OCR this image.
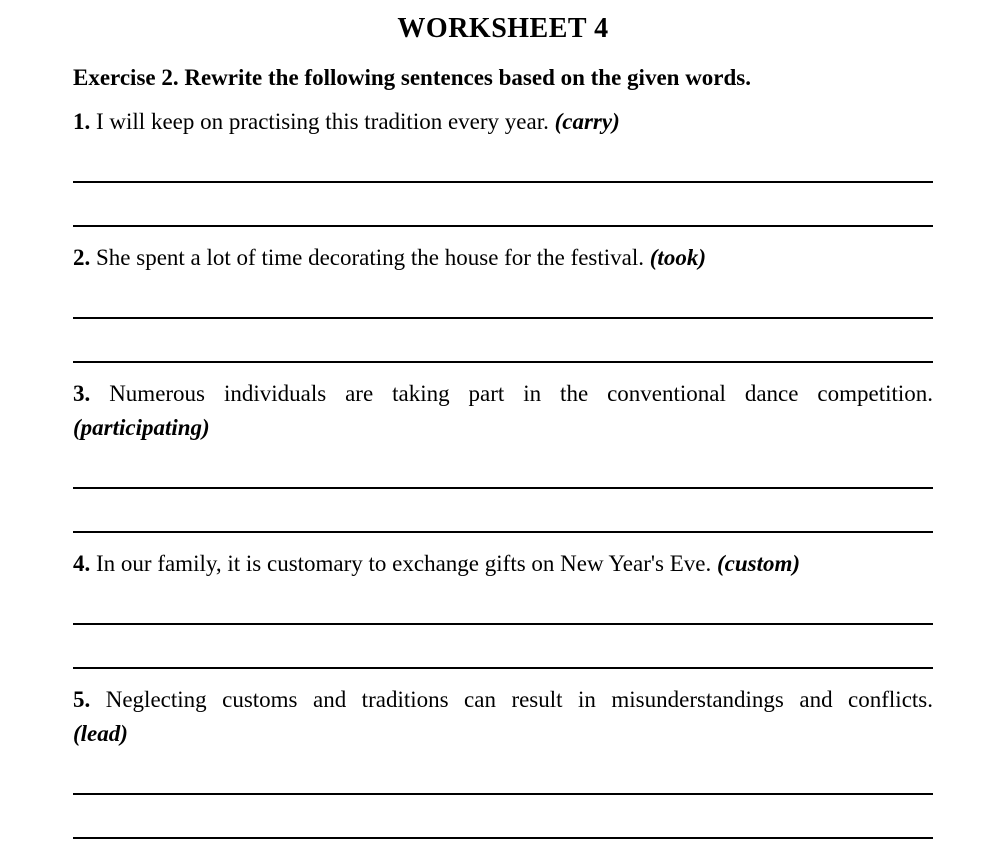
WORKSHEET 4

Exercise 2. Rewrite the following sentences based on the given words.

1. I will keep on practising this tradition every year. (carry)

2. She spent a lot of time decorating the house for the festival. (took)

3. Numerous individuals are taking part in the conventional dance competition.
(participating)

4. In our family, it is customary to exchange gifts on New Year's Eve. (custom)

5. Neglecting customs and traditions can result in misunderstandings and conflicts.
(lead)
